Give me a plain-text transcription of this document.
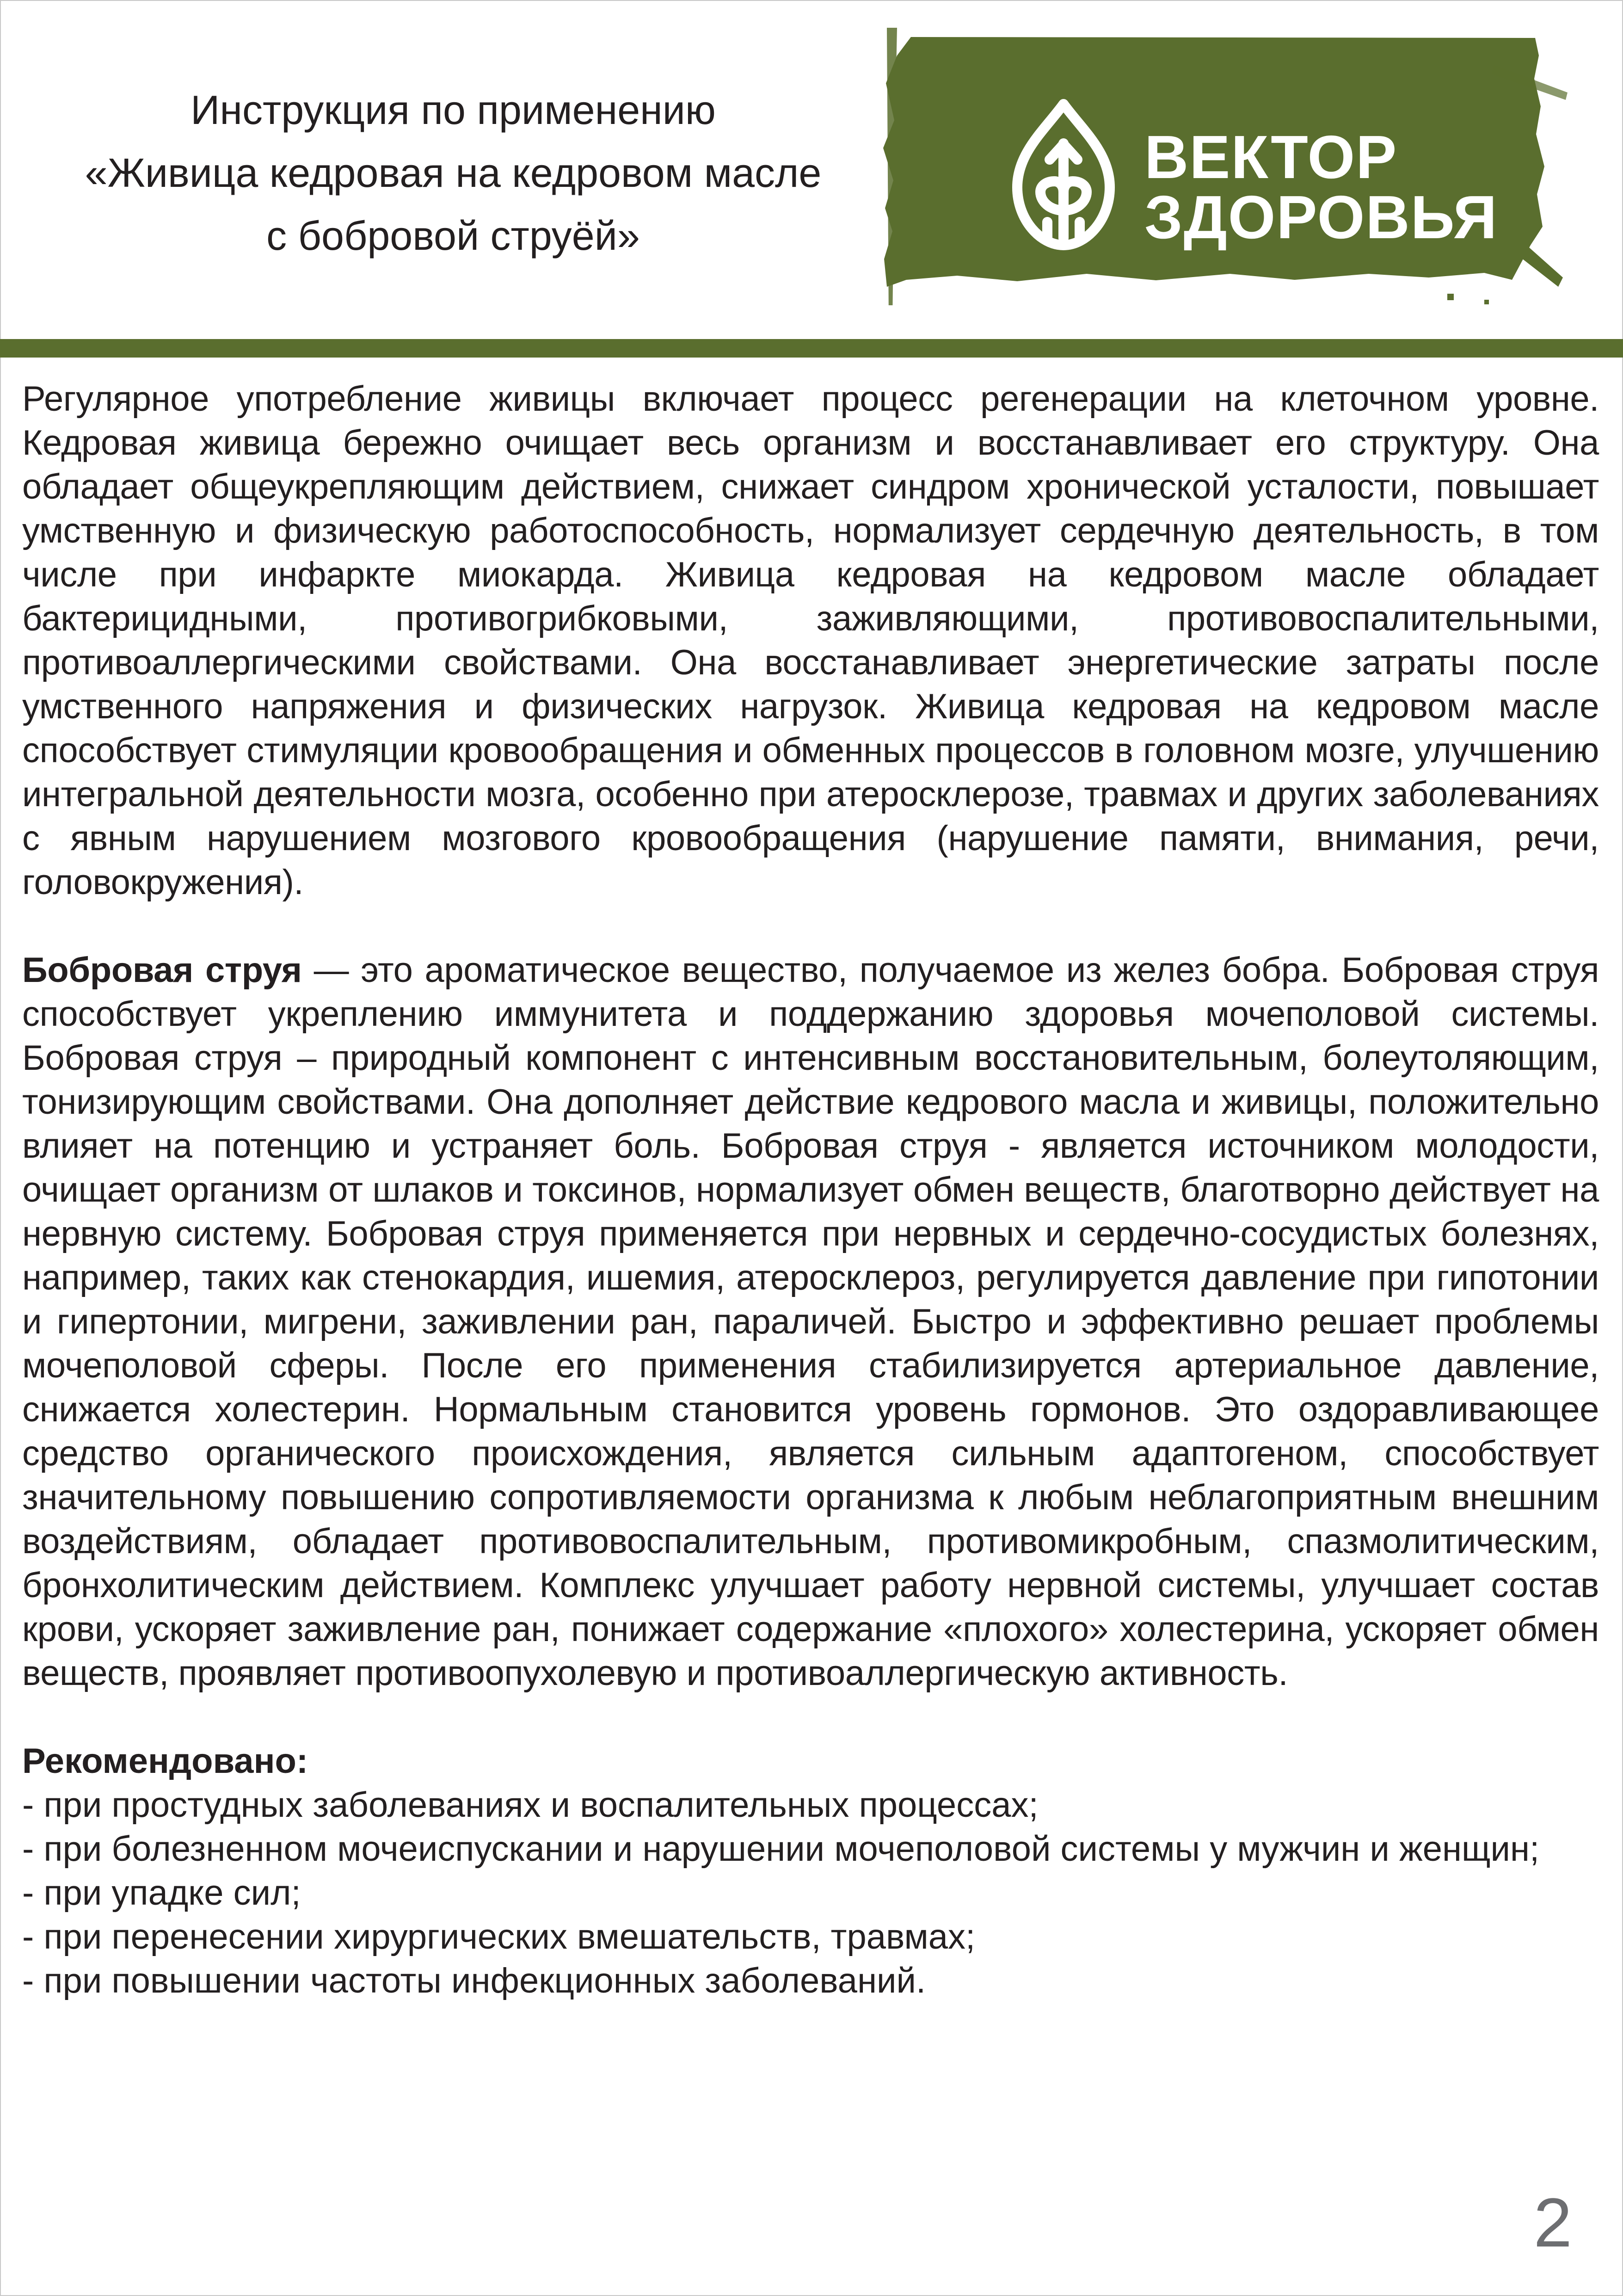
Инструкция по применению
«Живица кедровая на кедровом масле
с бобровой струёй»
ВЕКТОР
ЗДОРОВЬЯ

Регулярное употребление живицы включает процесс регенерации на клеточном уровне. Кедровая живица бережно очищает весь организм и восстанавливает его структуру. Она обладает общеукрепляющим действием, снижает синдром хронической усталости, повышает умственную и физическую работоспособность, нормализует сердечную деятельность, в том числе при инфаркте миокарда. Живица кедровая на кедровом масле обладает бактерицидными, противогрибковыми, заживляющими, противовоспалительными, противоаллергическими свойствами. Она восстанавливает энергетические затраты после умственного напряжения и физических нагрузок. Живица кедровая на кедровом масле способствует стимуляции кровообращения и обменных процессов в головном мозге, улучшению интегральной деятельности мозга, особенно при атеросклерозе, травмах и других заболеваниях с явным нарушением мозгового кровообращения (нарушение памяти, внимания, речи, головокружения).

Бобровая струя — это ароматическое вещество, получаемое из желез бобра. Бобровая струя способствует укреплению иммунитета и поддержанию здоровья мочеполовой системы. Бобровая струя – природный компонент с интенсивным восстановительным, болеутоляющим, тонизирующим свойствами. Она дополняет действие кедрового масла и живицы, положительно влияет на потенцию и устраняет боль. Бобровая струя - является источником молодости, очищает организм от шлаков и токсинов, нормализует обмен веществ, благотворно действует на нервную систему. Бобровая струя применяется при нервных и сердечно-сосудистых болезнях, например, таких как стенокардия, ишемия, атеросклероз, регулируется давление при гипотонии и гипертонии, мигрени, заживлении ран, параличей. Быстро и эффективно решает проблемы мочеполовой сферы. После его применения стабилизируется артериальное давление, снижается холестерин. Нормальным становится уровень гормонов. Это оздоравливающее средство органического происхождения, является сильным адаптогеном, способствует значительному повышению сопротивляемости организма к любым неблагоприятным внешним воздействиям, обладает противовоспалительным, противомикробным, спазмолитическим, бронхолитическим действием. Комплекс улучшает работу нервной системы, улучшает состав крови, ускоряет заживление ран, понижает содержание «плохого» холестерина, ускоряет обмен веществ, проявляет противоопухолевую и противоаллергическую активность.

Рекомендовано:

- при простудных заболеваниях и воспалительных процессах;
- при болезненном мочеиспускании и нарушении мочеполовой системы у мужчин и женщин;
- при упадке сил;
- при перенесении хирургических вмешательств, травмах;
- при повышении частоты инфекционных заболеваний.
2
